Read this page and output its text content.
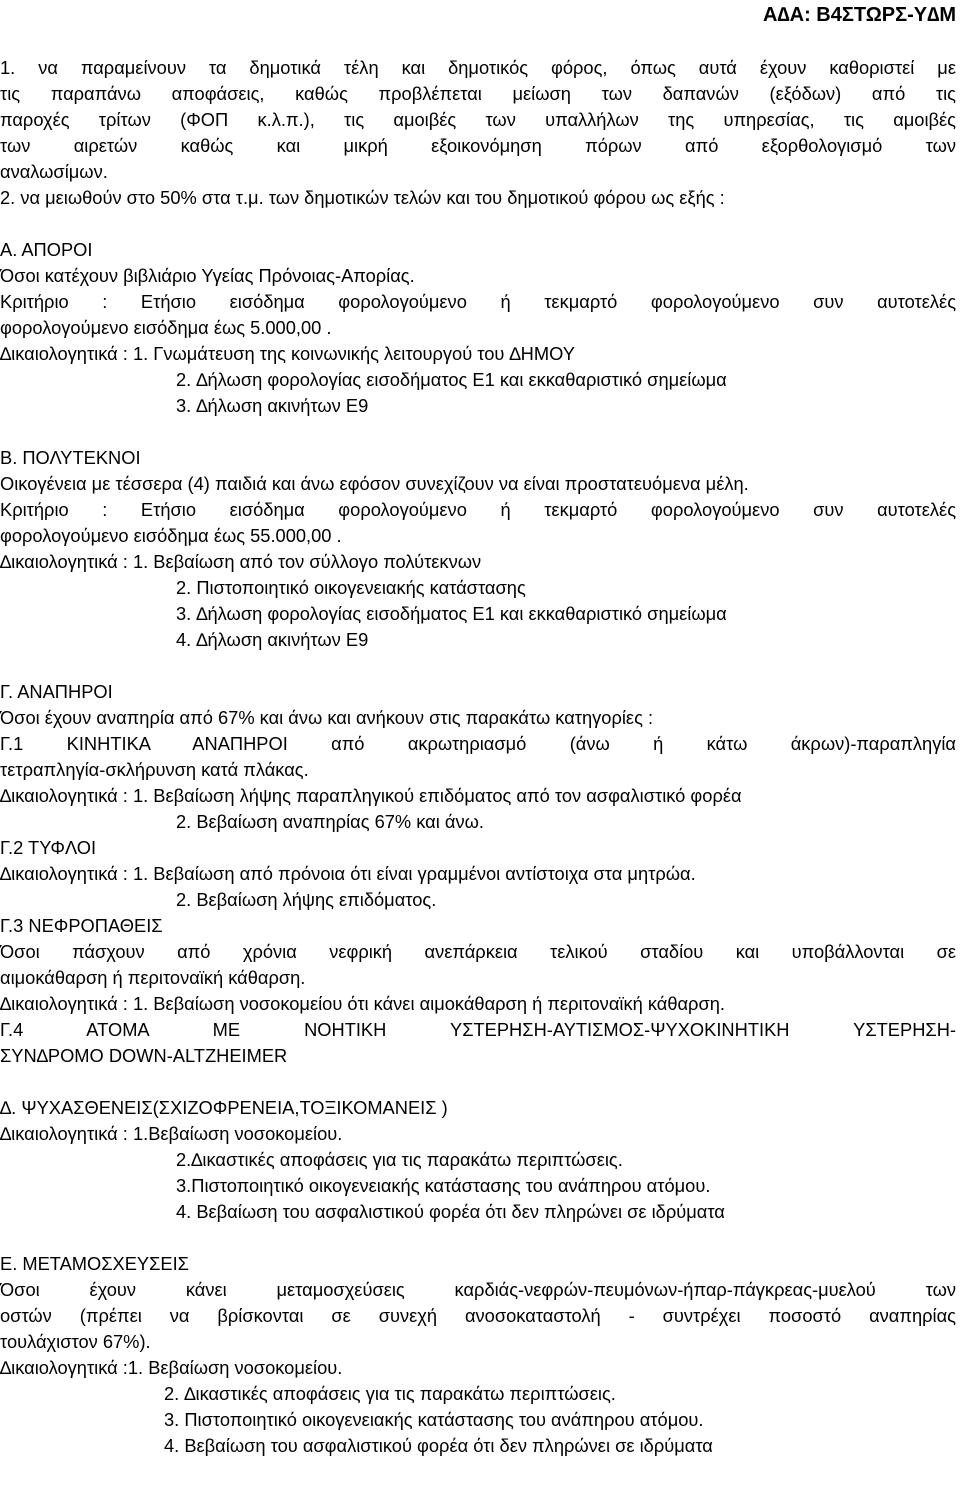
Α∆Α: Β4ΣΤΩΡΣ-Υ∆Μ
1. να παραμείνουν τα δημοτικά τέλη και δημοτικός φόρος, όπως αυτά έχουν καθοριστεί με
τις παραπάνω αποφάσεις, καθώς προβλέπεται μείωση των δαπανών (εξόδων) από τις
παροχές τρίτων (ΦΟΠ κ.λ.π.), τις αμοιβές των υπαλλήλων της υπηρεσίας, τις αμοιβές
των αιρετών καθώς και μικρή εξοικονόμηση πόρων από εξορθολογισμό των
αναλωσίμων.
2. να μειωθούν στο 50% στα τ.μ. των δημοτικών τελών και του δημοτικού φόρου ως εξής :
Α. ΑΠΟΡΟΙ
Όσοι κατέχουν βιβλιάριο Υγείας Πρόνοιας-Απορίας.
Κριτήριο : Ετήσιο εισόδημα φορολογούμενο ή τεκμαρτό φορολογούμενο συν αυτοτελές
φορολογούμενο εισόδημα έως 5.000,00 .
∆ικαιολογητικά : 1. Γνωμάτευση της κοινωνικής λειτουργού του ∆ΗΜΟΥ
2. ∆ήλωση φορολογίας εισοδήματος Ε1 και εκκαθαριστικό σημείωμα
3. ∆ήλωση ακινήτων Ε9
Β. ΠΟΛΥΤΕΚΝΟΙ
Οικογένεια με τέσσερα (4) παιδιά και άνω εφόσον συνεχίζουν να είναι προστατευόμενα μέλη.
Κριτήριο : Ετήσιο εισόδημα φορολογούμενο ή τεκμαρτό φορολογούμενο συν αυτοτελές
φορολογούμενο εισόδημα έως 55.000,00 .
∆ικαιολογητικά : 1. Βεβαίωση από τον σύλλογο πολύτεκνων
2. Πιστοποιητικό οικογενειακής κατάστασης
3. ∆ήλωση φορολογίας εισοδήματος Ε1 και εκκαθαριστικό σημείωμα
4. ∆ήλωση ακινήτων Ε9
Γ. ΑΝΑΠΗΡΟΙ
Όσοι έχουν αναπηρία από 67% και άνω και ανήκουν στις παρακάτω κατηγορίες :
Γ.1 ΚΙΝΗΤΙΚΑ ΑΝΑΠΗΡΟΙ από ακρωτηριασμό (άνω ή κάτω άκρων)-παραπληγία
τετραπληγία-σκλήρυνση κατά πλάκας.
∆ικαιολογητικά : 1. Βεβαίωση λήψης παραπληγικού επιδόματος από τον ασφαλιστικό φορέα
2. Βεβαίωση αναπηρίας 67% και άνω.
Γ.2 ΤΥΦΛΟΙ
∆ικαιολογητικά : 1. Βεβαίωση από πρόνοια ότι είναι γραμμένοι αντίστοιχα στα μητρώα.
2. Βεβαίωση λήψης επιδόματος.
Γ.3 ΝΕΦΡΟΠΑΘΕΙΣ
Όσοι πάσχουν από χρόνια νεφρική ανεπάρκεια τελικού σταδίου και υποβάλλονται σε
αιμοκάθαρση ή περιτοναϊκή κάθαρση.
∆ικαιολογητικά : 1. Βεβαίωση νοσοκομείου ότι κάνει αιμοκάθαρση ή περιτοναϊκή κάθαρση.
Γ.4 ΑΤΟΜΑ ΜΕ ΝΟΗΤΙΚΗ ΥΣΤΕΡΗΣΗ-ΑΥΤΙΣΜΟΣ-ΨΥΧΟΚΙΝΗΤΙΚΗ ΥΣΤΕΡΗΣΗ-
ΣΥΝ∆ΡΟΜΟ DOWN-ALTZHEIMER
∆. ΨΥΧΑΣΘΕΝΕΙΣ(ΣΧΙΖΟΦΡΕΝΕΙΑ,ΤΟΞΙΚΟΜΑΝΕΙΣ )
∆ικαιολογητικά : 1.Βεβαίωση νοσοκομείου.
2.∆ικαστικές αποφάσεις για τις παρακάτω περιπτώσεις.
3.Πιστοποιητικό οικογενειακής κατάστασης του ανάπηρου ατόμου.
4. Βεβαίωση του ασφαλιστικού φορέα ότι δεν πληρώνει σε ιδρύματα
Ε. ΜΕΤΑΜΟΣΧΕΥΣΕΙΣ
Όσοι έχουν κάνει μεταμοσχεύσεις καρδιάς-νεφρών-πευμόνων-ήπαρ-πάγκρεας-μυελού των
οστών (πρέπει να βρίσκονται σε συνεχή ανοσοκαταστολή - συντρέχει ποσοστό αναπηρίας
τουλάχιστον 67%).
∆ικαιολογητικά :1. Βεβαίωση νοσοκομείου.
2. ∆ικαστικές αποφάσεις για τις παρακάτω περιπτώσεις.
3. Πιστοποιητικό οικογενειακής κατάστασης του ανάπηρου ατόμου.
4. Βεβαίωση του ασφαλιστικού φορέα ότι δεν πληρώνει σε ιδρύματα
